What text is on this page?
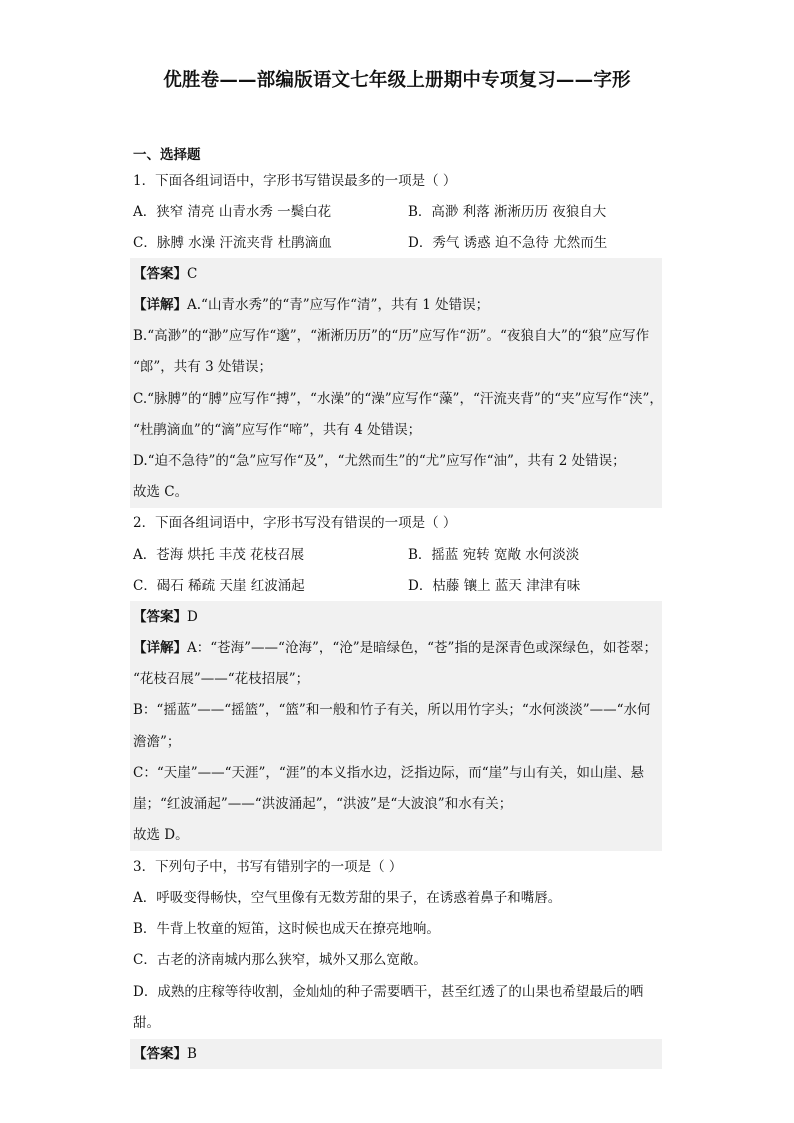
优胜卷——部编版语文七年级上册期中专项复习——字形
一、选择题
1．下面各组词语中，字形书写错误最多的一项是（ ）
A．狭窄 清亮 山青水秀 一鬓白花	B．高渺 利落 淅淅历历 夜狼自大
C．脉膊 水澡 汗流夹背 杜鹃滴血	D．秀气 诱惑 迫不急待 尤然而生
【答案】C
【详解】A.“山青水秀”的“青”应写作“清”，共有 1 处错误；
B.“高渺”的“渺”应写作“邈”，“淅淅历历”的“历”应写作“沥”。“夜狼自大”的“狼”应写作
“郎”，共有 3 处错误；
C.“脉膊”的“膊”应写作“搏”，“水澡”的“澡”应写作“藻”，“汗流夹背”的“夹”应写作“浃”，
“杜鹃滴血”的“滴”应写作“啼”，共有 4 处错误；
D.“迫不急待”的“急”应写作“及”，“尤然而生”的“尤”应写作“油”，共有 2 处错误；
故选 C。
2．下面各组词语中，字形书写没有错误的一项是（ ）
A．苍海 烘托 丰茂 花枝召展	B．摇蓝 宛转 宽敞 水何淡淡
C．碣石 稀疏 天崖 红波涌起	D．枯藤 镶上 蓝天 津津有味
【答案】D
【详解】A：“苍海”——“沧海”，“沧”是暗绿色，“苍”指的是深青色或深绿色，如苍翠；
“花枝召展”——“花枝招展”；
B：“摇蓝”——“摇篮”，“篮”和一般和竹子有关，所以用竹字头；“水何淡淡”——“水何
澹澹”；
C：“天崖”——“天涯”，“涯”的本义指水边，泛指边际，而“崖”与山有关，如山崖、悬
崖；“红波涌起”——“洪波涌起”，“洪波”是“大波浪”和水有关；
故选 D。
3．下列句子中，书写有错别字的一项是（ ）
A．呼吸变得畅快，空气里像有无数芳甜的果子，在诱惑着鼻子和嘴唇。
B．牛背上牧童的短笛，这时候也成天在撩亮地响。
C．古老的济南城内那么狭窄，城外又那么宽敞。
D．成熟的庄稼等待收割，金灿灿的种子需要晒干，甚至红透了的山果也希望最后的晒
甜。
【答案】B
